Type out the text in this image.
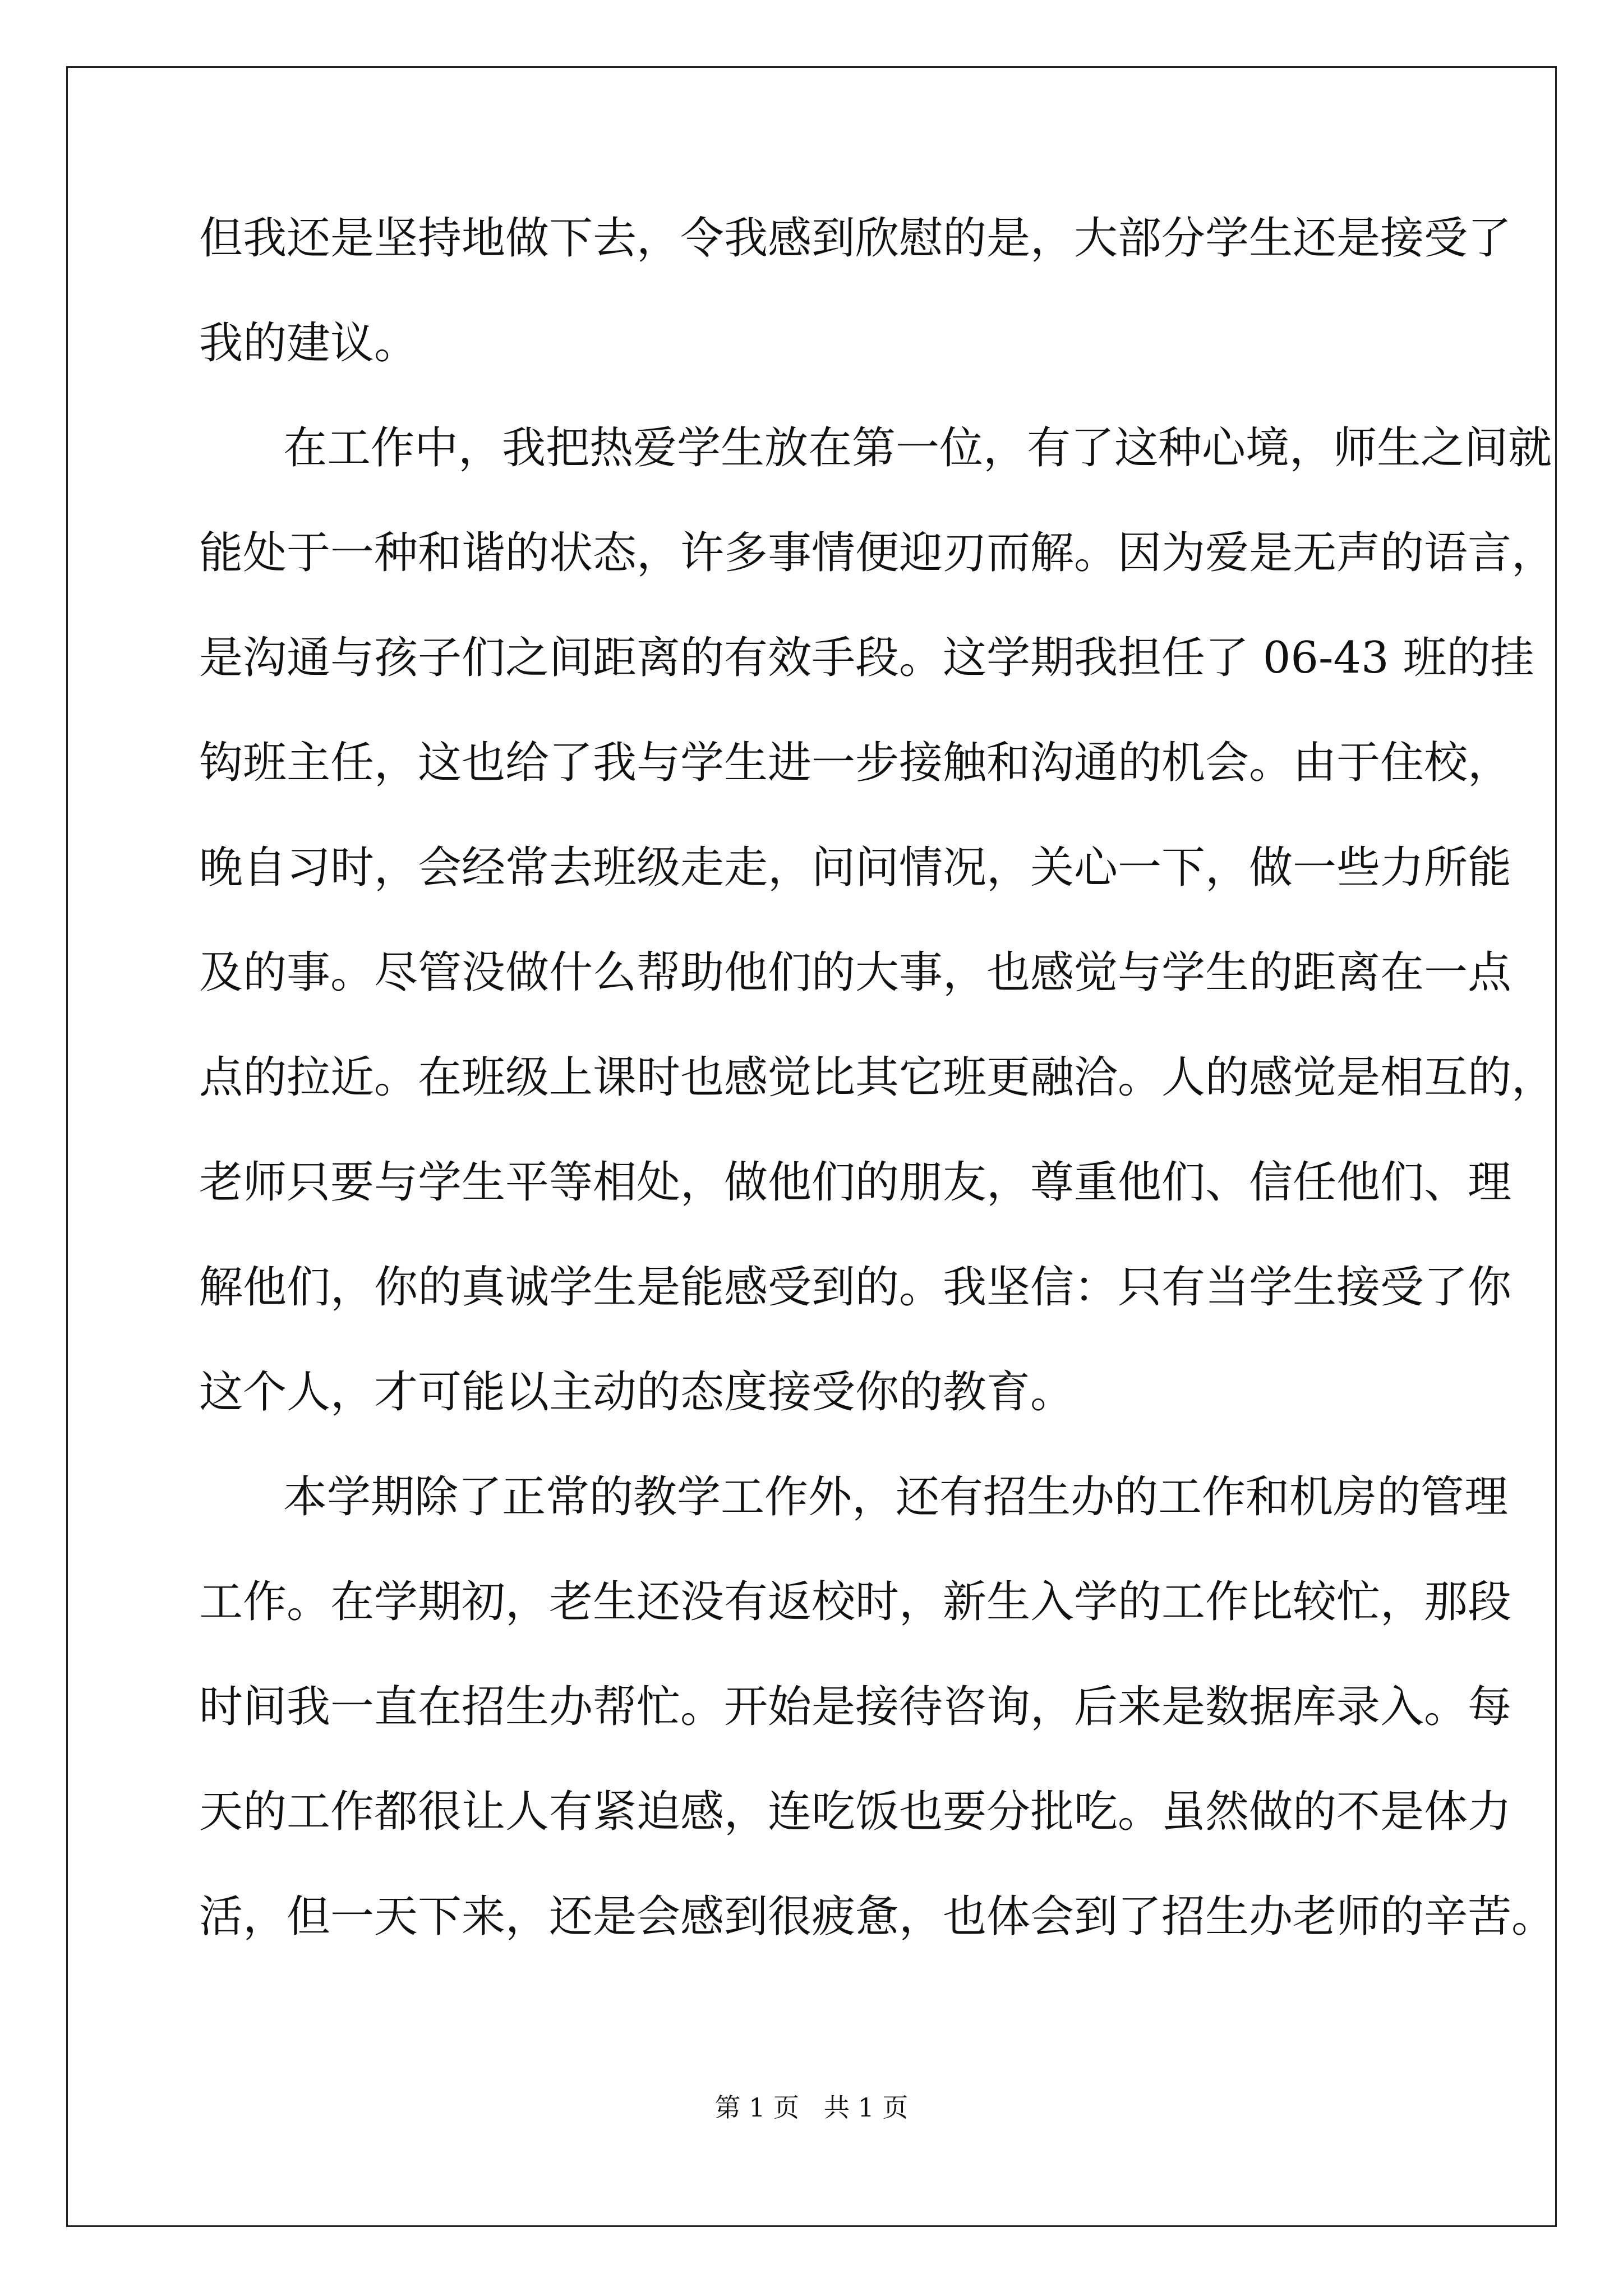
但我还是坚持地做下去，令我感到欣慰的是，大部分学生还是接受了
我的建议。
在工作中，我把热爱学生放在第一位，有了这种心境，师生之间就
能处于一种和谐的状态，许多事情便迎刃而解。因为爱是无声的语言，
是沟通与孩子们之间距离的有效手段。这学期我担任了 06-43 班的挂
钩班主任，这也给了我与学生进一步接触和沟通的机会。由于住校，
晚自习时，会经常去班级走走，问问情况，关心一下，做一些力所能
及的事。尽管没做什么帮助他们的大事，也感觉与学生的距离在一点
点的拉近。在班级上课时也感觉比其它班更融洽。人的感觉是相互的，
老师只要与学生平等相处，做他们的朋友，尊重他们、信任他们、理
解他们，你的真诚学生是能感受到的。我坚信：只有当学生接受了你
这个人，才可能以主动的态度接受你的教育。
本学期除了正常的教学工作外，还有招生办的工作和机房的管理
工作。在学期初，老生还没有返校时，新生入学的工作比较忙，那段
时间我一直在招生办帮忙。开始是接待咨询，后来是数据库录入。每
天的工作都很让人有紧迫感，连吃饭也要分批吃。虽然做的不是体力
活，但一天下来，还是会感到很疲惫，也体会到了招生办老师的辛苦。
第 1 页   共 1 页
